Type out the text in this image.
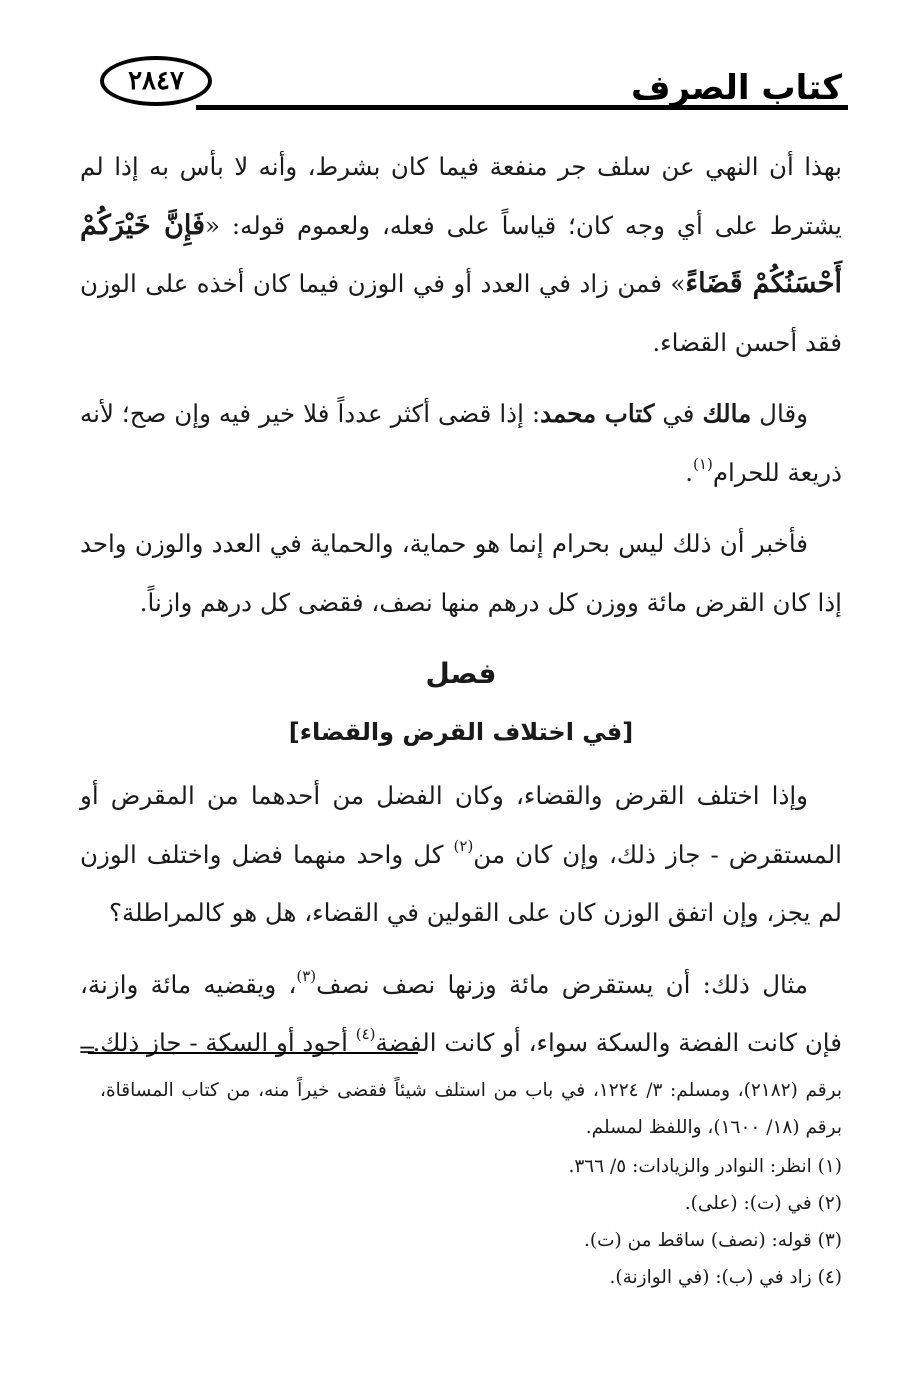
كتاب الصرف
٢٨٤٧

بهذا أن النهي عن سلف جر منفعة فيما كان بشرط، وأنه لا بأس به إذا لم يشترط على أي وجه كان؛ قياساً على فعله، ولعموم قوله: «فَإِنَّ خَيْرَكُمْ أَحْسَنُكُمْ قَضَاءً» فمن زاد في العدد أو في الوزن فيما كان أخذه على الوزن فقد أحسن القضاء.

وقال مالك في كتاب محمد: إذا قضى أكثر عدداً فلا خير فيه وإن صح؛ لأنه ذريعة للحرام$^{(١)}$.

فأخبر أن ذلك ليس بحرام إنما هو حماية، والحماية في العدد والوزن واحد إذا كان القرض مائة ووزن كل درهم منها نصف، فقضى كل درهم وازناً.

فصل
[في اختلاف القرض والقضاء]

وإذا اختلف القرض والقضاء، وكان الفضل من أحدهما من المقرض أو المستقرض - جاز ذلك، وإن كان من$^{(٢)}$ كل واحد منهما فضل واختلف الوزن لم يجز، وإن اتفق الوزن كان على القولين في القضاء، هل هو كالمراطلة؟

مثال ذلك: أن يستقرض مائة وزنها نصف نصف$^{(٣)}$، ويقضيه مائة وازنة، فإن كانت الفضة والسكة سواء، أو كانت الفضة$^{(٤)}$ أجود أو السكة - جاز ذلك.

=

برقم (٢١٨٢)، ومسلم: ٣/ ١٢٢٤، في باب من استلف شيئاً فقضى خيراً منه، من كتاب المساقاة، برقم (١٨/ ١٦٠٠)، واللفظ لمسلم.

(١) انظر: النوادر والزيادات: ٥/ ٣٦٦.

(٢) في (ت): (على).

(٣) قوله: (نصف) ساقط من (ت).

(٤) زاد في (ب): (في الوازنة).
